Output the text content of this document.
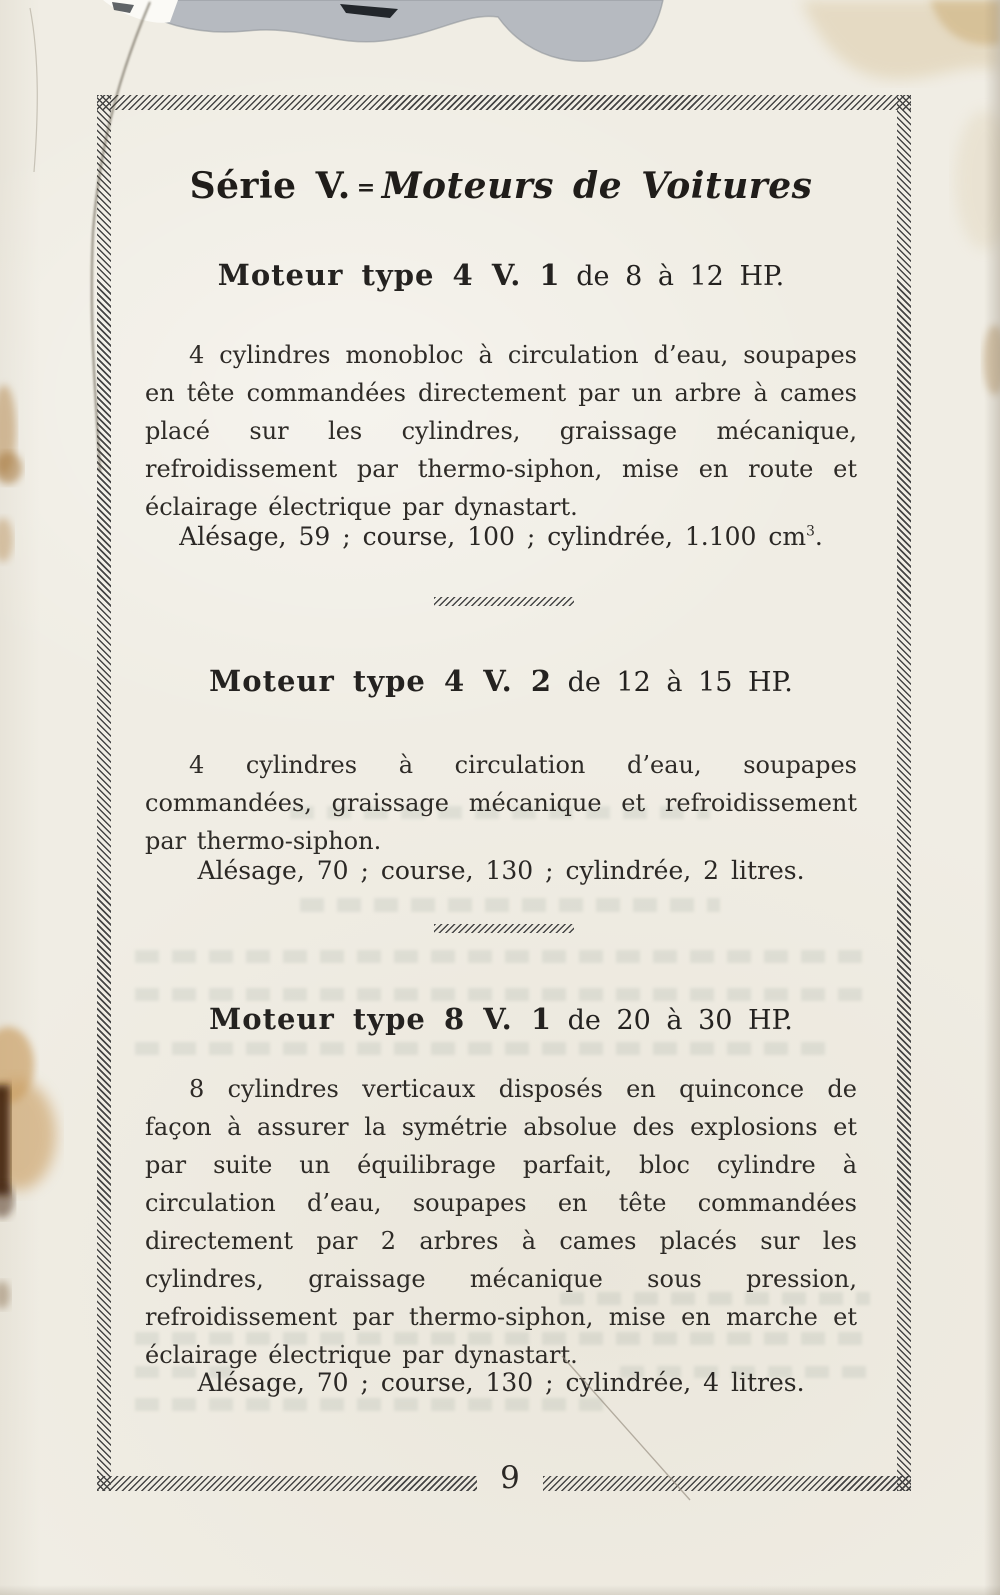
Série V. = Moteurs de Voitures
Moteur type 4 V. 1 de 8 à 12 HP.
4 cylindres monobloc à circulation d’eau, soupapes en tête commandées directement par un arbre à cames placé sur les cylindres, graissage mécanique, refroidissement par thermo-siphon, mise en route et éclairage électrique par dynastart.
Alésage, 59 ; course, 100 ; cylindrée, 1.100 $cm^3$.
Moteur type 4 V. 2 de 12 à 15 HP.
4 cylindres à circulation d’eau, soupapes commandées, graissage mécanique et refroidissement par thermo-siphon.
Alésage, 70 ; course, 130 ; cylindrée, 2 litres.
Moteur type 8 V. 1 de 20 à 30 HP.
8 cylindres verticaux disposés en quinconce de façon à assurer la symétrie absolue des explosions et par suite un équilibrage parfait, bloc cylindre à circulation d’eau, soupapes en tête commandées directement par 2 arbres à cames placés sur les cylindres, graissage mécanique sous pression, refroidissement par thermo-siphon, mise en marche et éclairage électrique par dynastart.
Alésage, 70 ; course, 130 ; cylindrée, 4 litres.
9
